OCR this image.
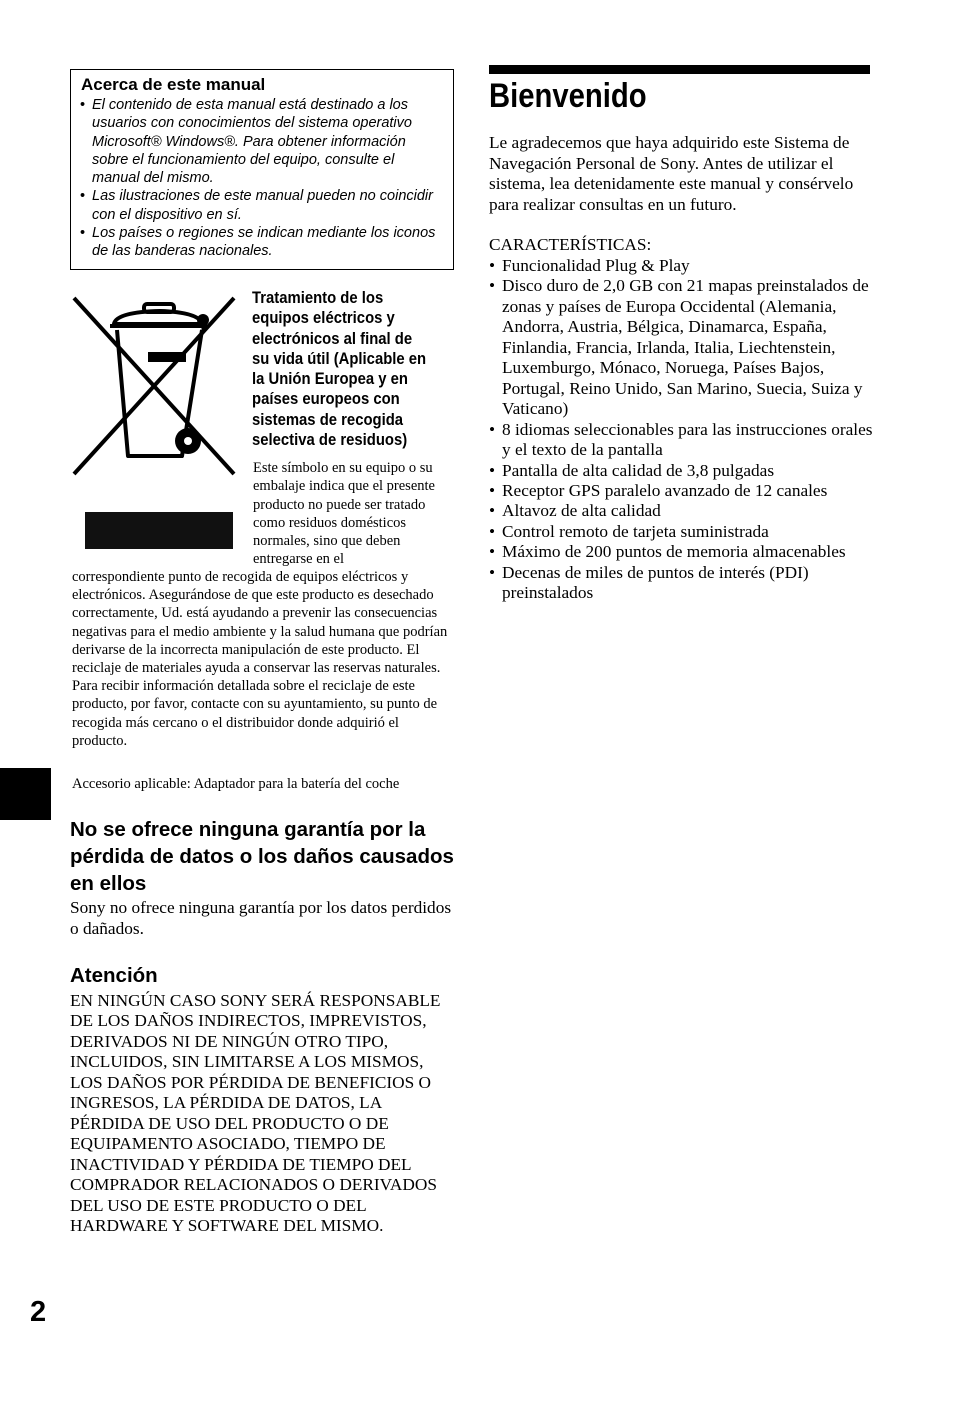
Acerca de este manual
• El contenido de esta manual está destinado a los usuarios con conocimientos del sistema operativo Microsoft® Windows®. Para obtener información sobre el funcionamiento del equipo, consulte el manual del mismo.
• Las ilustraciones de este manual pueden no coincidir con el dispositivo en sí.
• Los países o regiones se indican mediante los iconos de las banderas nacionales.
Tratamiento de los equipos eléctricos y electrónicos al final de su vida útil (Aplicable en la Unión Europea y en países europeos con sistemas de recogida selectiva de residuos)

Este símbolo en su equipo o su embalaje indica que el presente producto no puede ser tratado como residuos domésticos normales, sino que deben entregarse en el

correspondiente punto de recogida de equipos eléctricos y electrónicos. Asegurándose de que este producto es desechado correctamente, Ud. está ayudando a prevenir las consecuencias negativas para el medio ambiente y la salud humana que podrían derivarse de la incorrecta manipulación de este producto. El reciclaje de materiales ayuda a conservar las reservas naturales. Para recibir información detallada sobre el reciclaje de este producto, por favor, contacte con su ayuntamiento, su punto de recogida más cercano o el distribuidor donde adquirió el producto.

Accesorio aplicable: Adaptador para la batería del coche

No se ofrece ninguna garantía por la pérdida de datos o los daños causados en ellos

Sony no ofrece ninguna garantía por los datos perdidos o dañados.

Atención

EN NINGÚN CASO SONY SERÁ RESPONSABLE DE LOS DAÑOS INDIRECTOS, IMPREVISTOS, DERIVADOS NI DE NINGÚN OTRO TIPO, INCLUIDOS, SIN LIMITARSE A LOS MISMOS, LOS DAÑOS POR PÉRDIDA DE BENEFICIOS O INGRESOS, LA PÉRDIDA DE DATOS, LA PÉRDIDA DE USO DEL PRODUCTO O DE EQUIPAMENTO ASOCIADO, TIEMPO DE INACTIVIDAD Y PÉRDIDA DE TIEMPO DEL COMPRADOR RELACIONADOS O DERIVADOS DEL USO DE ESTE PRODUCTO O DEL HARDWARE Y SOFTWARE DEL MISMO.

2
Bienvenido

Le agradecemos que haya adquirido este Sistema de Navegación Personal de Sony. Antes de utilizar el sistema, lea detenidamente este manual y consérvelo para realizar consultas en un futuro.

CARACTERÍSTICAS:

• Funcionalidad Plug & Play
• Disco duro de 2,0 GB con 21 mapas preinstalados de zonas y países de Europa Occidental (Alemania, Andorra, Austria, Bélgica, Dinamarca, España, Finlandia, Francia, Irlanda, Italia, Liechtenstein, Luxemburgo, Mónaco, Noruega, Países Bajos, Portugal, Reino Unido, San Marino, Suecia, Suiza y Vaticano)
• 8 idiomas seleccionables para las instrucciones orales y el texto de la pantalla
• Pantalla de alta calidad de 3,8 pulgadas
• Receptor GPS paralelo avanzado de 12 canales
• Altavoz de alta calidad
• Control remoto de tarjeta suministrada
• Máximo de 200 puntos de memoria almacenables
• Decenas de miles de puntos de interés (PDI) preinstalados
